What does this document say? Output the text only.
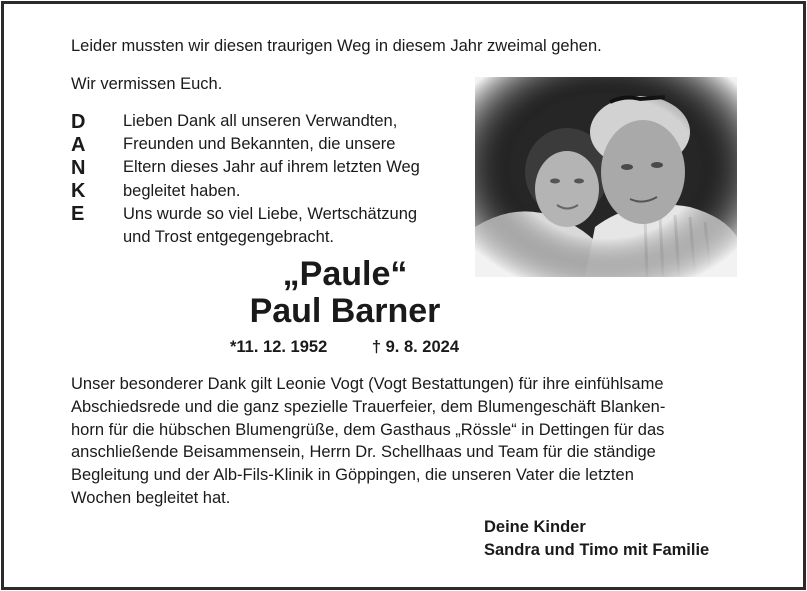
Leider mussten wir diesen traurigen Weg in diesem Jahr zweimal gehen.
Wir vermissen Euch.
D
A
N
K
E

Lieben Dank all unseren Verwandten,

Freunden und Bekannten, die unsere

Eltern dieses Jahr auf ihrem letzten Weg

begleitet haben.

Uns wurde so viel Liebe, Wertschätzung

und Trost entgegengebracht.

„Paule“
Paul Barner
*11. 12. 1952	† 9. 8. 2024
Unser besonderer Dank gilt Leonie Vogt (Vogt Bestattungen) für ihre einfühlsame
Abschiedsrede und die ganz spezielle Trauerfeier, dem Blumengeschäft Blanken-
horn für die hübschen Blumengrüße, dem Gasthaus „Rössle“ in Dettingen für das
anschließende Beisammensein, Herrn Dr. Schellhaas und Team für die ständige
Begleitung und der Alb-Fils-Klinik in Göppingen, die unseren Vater die letzten
Wochen begleitet hat.
Deine Kinder
Sandra und Timo mit Familie
